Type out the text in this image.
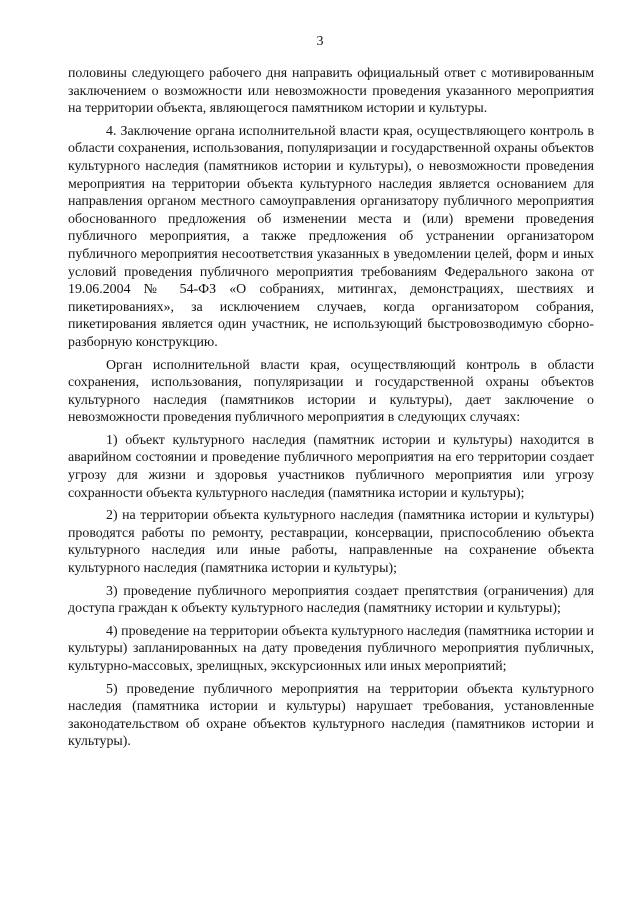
3

половины следующего рабочего дня направить официальный ответ с мотивированным заключением о возможности или невозможности проведения указанного мероприятия на территории объекта, являющегося памятником истории и культуры.

4. Заключение органа исполнительной власти края, осуществляющего контроль в области сохранения, использования, популяризации и государственной охраны объектов культурного наследия (памятников истории и культуры), о невозможности проведения мероприятия на территории объекта культурного наследия является основанием для направления органом местного самоуправления организатору публичного мероприятия обоснованного предложения об изменении места и (или) времени проведения публичного мероприятия, а также предложения об устранении организатором публичного мероприятия несоответствия указанных в уведомлении целей, форм и иных условий проведения публичного мероприятия требованиям Федерального закона от 19.06.2004 № 54-ФЗ «О собраниях, митингах, демонстрациях, шествиях и пикетированиях», за исключением случаев, когда организатором собрания, пикетирования является один участник, не использующий быстровозводимую сборно-разборную конструкцию.

Орган исполнительной власти края, осуществляющий контроль в области сохранения, использования, популяризации и государственной охраны объектов культурного наследия (памятников истории и культуры), дает заключение о невозможности проведения публичного мероприятия в следующих случаях:

1) объект культурного наследия (памятник истории и культуры) находится в аварийном состоянии и проведение публичного мероприятия на его территории создает угрозу для жизни и здоровья участников публичного мероприятия или угрозу сохранности объекта культурного наследия (памятника истории и культуры);

2) на территории объекта культурного наследия (памятника истории и культуры) проводятся работы по ремонту, реставрации, консервации, приспособлению объекта культурного наследия или иные работы, направленные на сохранение объекта культурного наследия (памятника истории и культуры);

3) проведение публичного мероприятия создает препятствия (ограничения) для доступа граждан к объекту культурного наследия (памятнику истории и культуры);

4) проведение на территории объекта культурного наследия (памятника истории и культуры) запланированных на дату проведения публичного мероприятия публичных, культурно-массовых, зрелищных, экскурсионных или иных мероприятий;

5) проведение публичного мероприятия на территории объекта культурного наследия (памятника истории и культуры) нарушает требования, установленные законодательством об охране объектов культурного наследия (памятников истории и культуры).
